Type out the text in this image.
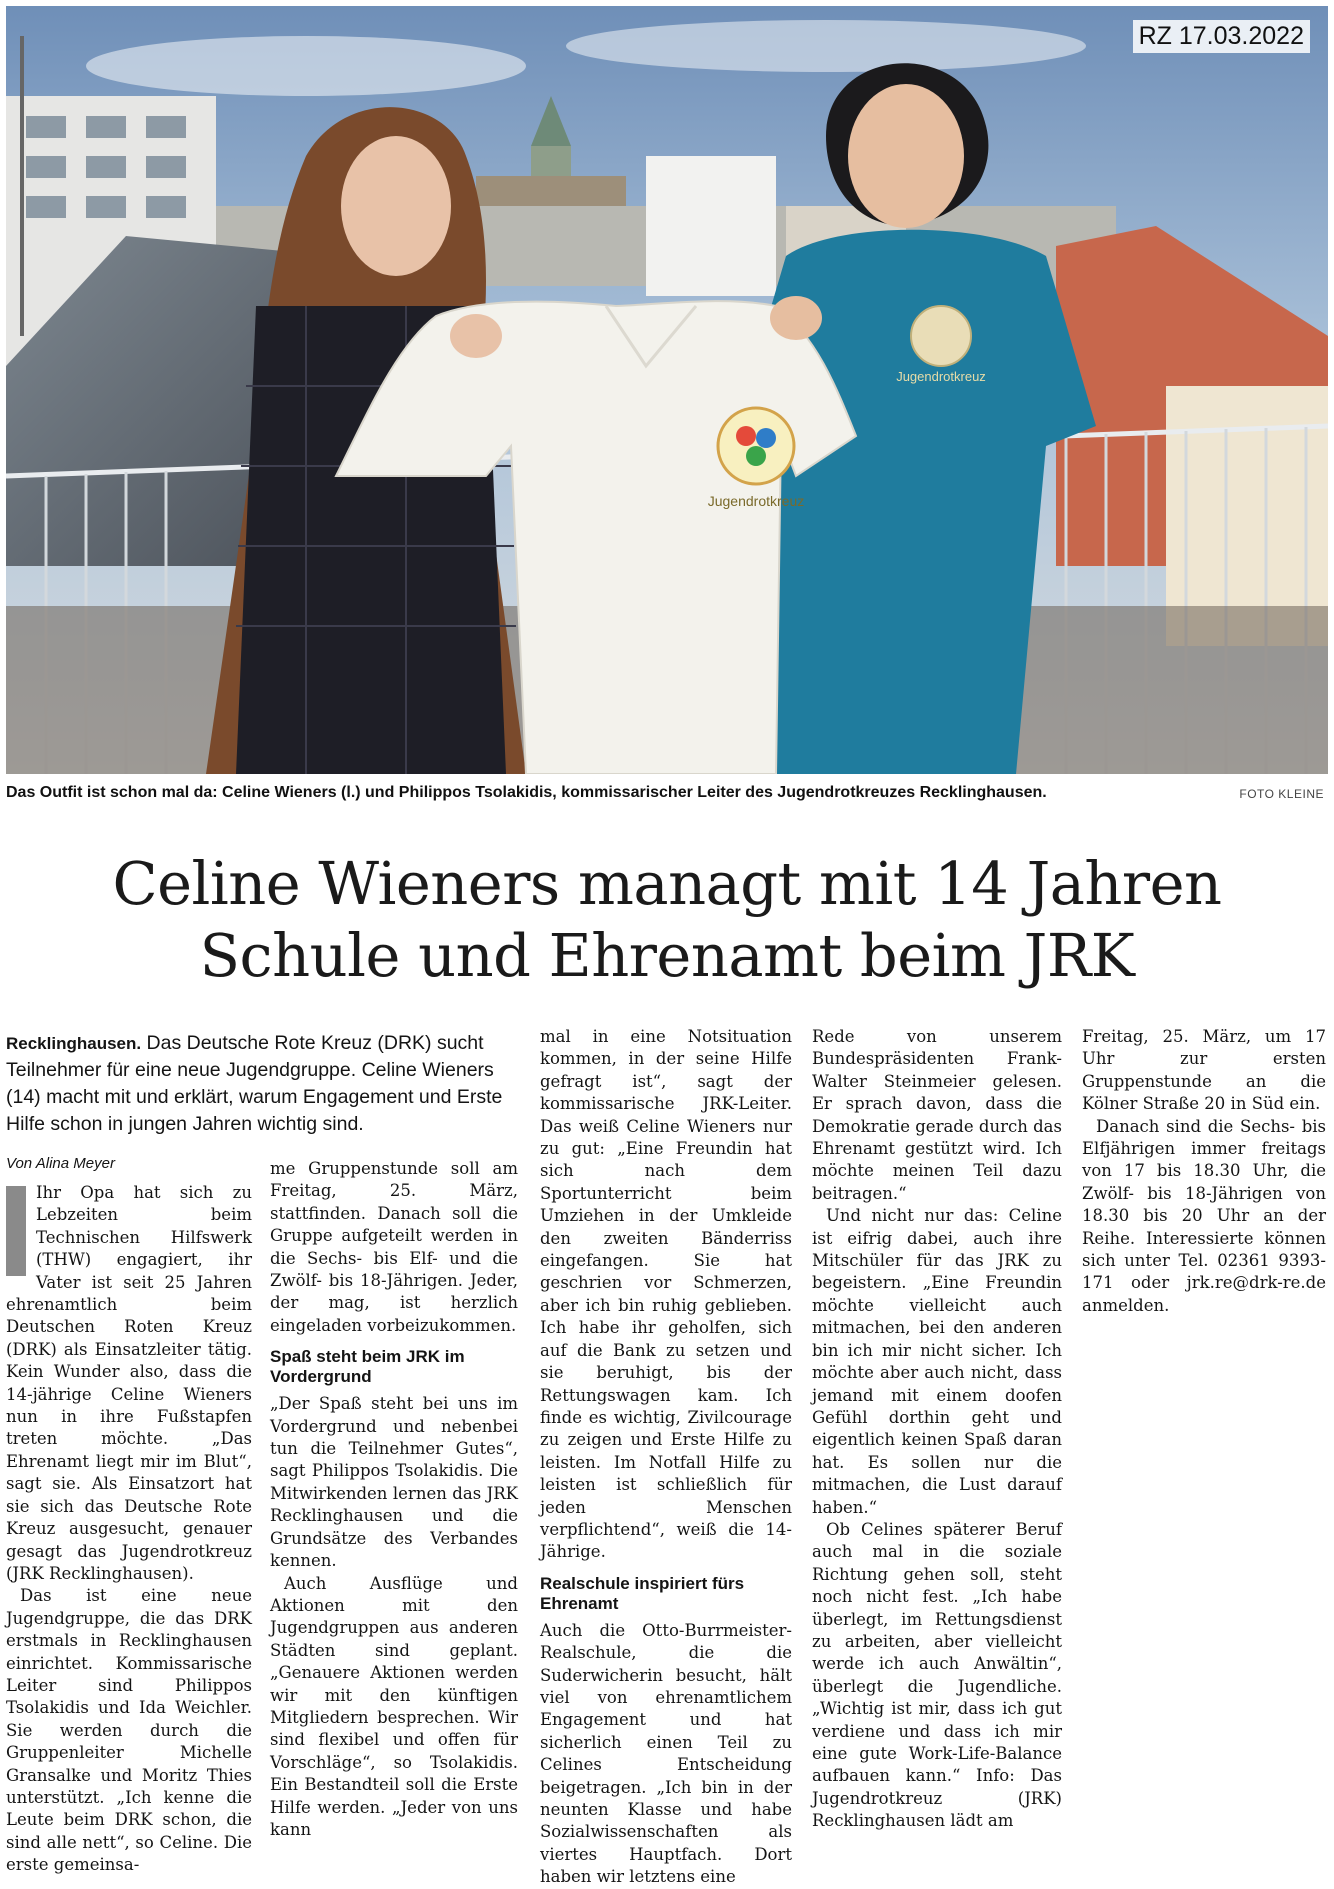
Jugendrotkreuz
Jugendrotkreuz
RZ 17.03.2022
Das Outfit ist schon mal da: Celine Wieners (l.) und Philippos Tsolakidis, kommissarischer Leiter des Jugendrotkreuzes Recklinghausen.	FOTO KLEINE
Celine Wieners managt mit 14 Jahren
Schule und Ehrenamt beim JRK
Recklinghausen. Das Deutsche Rote Kreuz (DRK) sucht Teilnehmer für eine neue Jugendgruppe. Celine Wieners (14) macht mit und erklärt, warum Engagement und Erste Hilfe schon in jungen Jahren wichtig sind.
Von Alina Meyer

Ihr Opa hat sich zu Lebzeiten beim Technischen Hilfswerk (THW) engagiert, ihr Vater ist seit 25 Jahren ehrenamtlich beim Deutschen Roten Kreuz (DRK) als Einsatzleiter tätig. Kein Wunder also, dass die 14-jährige Celine Wieners nun in ihre Fußstapfen treten möchte. „Das Ehrenamt liegt mir im Blut“, sagt sie. Als Einsatzort hat sie sich das Deutsche Rote Kreuz ausgesucht, genauer gesagt das Jugendrotkreuz (JRK Recklinghausen).

Das ist eine neue Jugendgruppe, die das DRK erstmals in Recklinghausen einrichtet. Kommissarische Leiter sind Philippos Tsolakidis und Ida Weichler. Sie werden durch die Gruppenleiter Michelle Gransalke und Moritz Thies unterstützt. „Ich kenne die Leute beim DRK schon, die sind alle nett“, so Celine. Die erste gemeinsa-

me Gruppenstunde soll am Freitag, 25. März, stattfinden. Danach soll die Gruppe aufgeteilt werden in die Sechs- bis Elf- und die Zwölf- bis 18-Jährigen. Jeder, der mag, ist herzlich eingeladen vorbeizukommen.

Spaß steht beim JRK im Vordergrund

„Der Spaß steht bei uns im Vordergrund und nebenbei tun die Teilnehmer Gutes“, sagt Philippos Tsolakidis. Die Mitwirkenden lernen das JRK Recklinghausen und die Grundsätze des Verbandes kennen.

Auch Ausflüge und Aktionen mit den Jugendgruppen aus anderen Städten sind geplant. „Genauere Aktionen werden wir mit den künftigen Mitgliedern besprechen. Wir sind flexibel und offen für Vorschläge“, so Tsolakidis. Ein Bestandteil soll die Erste Hilfe werden. „Jeder von uns kann

mal in eine Notsituation kommen, in der seine Hilfe gefragt ist“, sagt der kommissarische JRK-Leiter. Das weiß Celine Wieners nur zu gut: „Eine Freundin hat sich nach dem Sportunterricht beim Umziehen in der Umkleide den zweiten Bänderriss eingefangen. Sie hat geschrien vor Schmerzen, aber ich bin ruhig geblieben. Ich habe ihr geholfen, sich auf die Bank zu setzen und sie beruhigt, bis der Rettungswagen kam. Ich finde es wichtig, Zivilcourage zu zeigen und Erste Hilfe zu leisten. Im Notfall Hilfe zu leisten ist schließlich für jeden Menschen verpflichtend“, weiß die 14-Jährige.

Realschule inspiriert fürs Ehrenamt

Auch die Otto-Burrmeister-Realschule, die die Suderwicherin besucht, hält viel von ehrenamtlichem Engagement und hat sicherlich einen Teil zu Celines Entscheidung beigetragen. „Ich bin in der neunten Klasse und habe Sozialwissenschaften als viertes Hauptfach. Dort haben wir letztens eine

Rede von unserem Bundespräsidenten Frank-Walter Steinmeier gelesen. Er sprach davon, dass die Demokratie gerade durch das Ehrenamt gestützt wird. Ich möchte meinen Teil dazu beitragen.“

Und nicht nur das: Celine ist eifrig dabei, auch ihre Mitschüler für das JRK zu begeistern. „Eine Freundin möchte vielleicht auch mitmachen, bei den anderen bin ich mir nicht sicher. Ich möchte aber auch nicht, dass jemand mit einem doofen Gefühl dorthin geht und eigentlich keinen Spaß daran hat. Es sollen nur die mitmachen, die Lust darauf haben.“

Ob Celines späterer Beruf auch mal in die soziale Richtung gehen soll, steht noch nicht fest. „Ich habe überlegt, im Rettungsdienst zu arbeiten, aber vielleicht werde ich auch Anwältin“, überlegt die Jugendliche. „Wichtig ist mir, dass ich gut verdiene und dass ich mir eine gute Work-Life-Balance aufbauen kann.“ Info: Das Jugendrotkreuz (JRK) Recklinghausen lädt am

Freitag, 25. März, um 17 Uhr zur ersten Gruppenstunde an die Kölner Straße 20 in Süd ein.

Danach sind die Sechs- bis Elfjährigen immer freitags von 17 bis 18.30 Uhr, die Zwölf- bis 18-Jährigen von 18.30 bis 20 Uhr an der Reihe. Interessierte können sich unter Tel. 02361 9393-171 oder jrk.re@drk-re.de anmelden.
